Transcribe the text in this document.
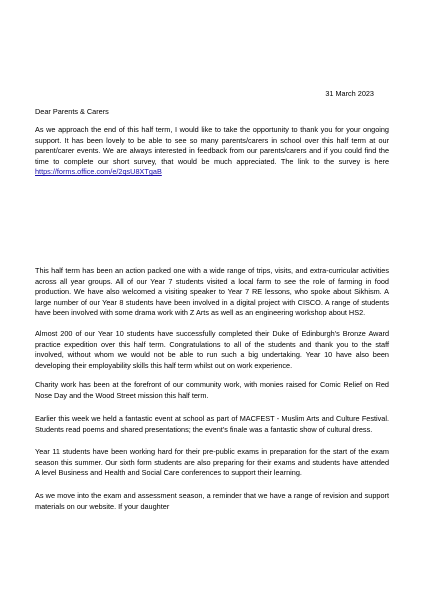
31 March 2023
Dear Parents & Carers

As we approach the end of this half term, I would like to take the opportunity to thank you for your ongoing support. It has been lovely to be able to see so many parents/carers in school over this half term at our parent/carer events. We are always interested in feedback from our parents/carers and if you could find the time to complete our short survey, that would be much appreciated. The link to the survey is here https://forms.office.com/e/2qsU8XTgaB

This half term has been an action packed one with a wide range of trips, visits, and extra-curricular activities across all year groups. All of our Year 7 students visited a local farm to see the role of farming in food production. We have also welcomed a visiting speaker to Year 7 RE lessons, who spoke about Sikhism. A large number of our Year 8 students have been involved in a digital project with CISCO. A range of students have been involved with some drama work with Z Arts as well as an engineering workshop about HS2.

Almost 200 of our Year 10 students have successfully completed their Duke of Edinburgh's Bronze Award practice expedition over this half term. Congratulations to all of the students and thank you to the staff involved, without whom we would not be able to run such a big undertaking. Year 10 have also been developing their employability skills this half term whilst out on work experience.

Charity work has been at the forefront of our community work, with monies raised for Comic Relief on Red Nose Day and the Wood Street mission this half term.

Earlier this week we held a fantastic event at school as part of MACFEST - Muslim Arts and Culture Festival. Students read poems and shared presentations; the event's finale was a fantastic show of cultural dress.

Year 11 students have been working hard for their pre-public exams in preparation for the start of the exam season this summer. Our sixth form students are also preparing for their exams and students have attended A level Business and Health and Social Care conferences to support their learning.

As we move into the exam and assessment season, a reminder that we have a range of revision and support materials on our website. If your daughter
